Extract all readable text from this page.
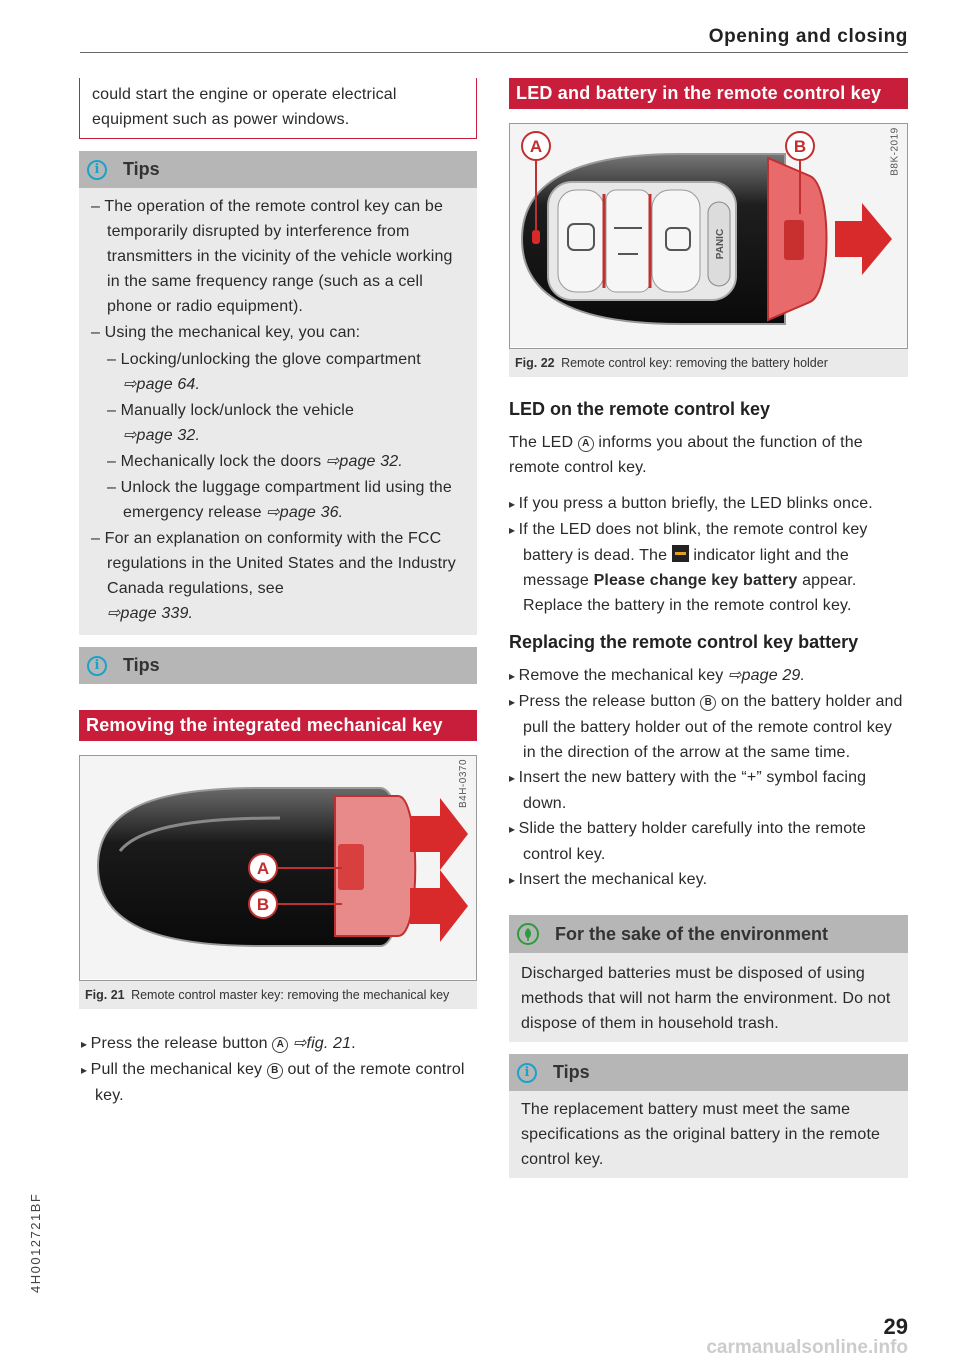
Opening and closing

could start the engine or operate electrical equipment such as power windows.

i	Tips
– The operation of the remote control key can be temporarily disrupted by interference from transmitters in the vicinity of the vehicle working in the same frequency range (such as a cell phone or radio equipment).
– Using the mechanical key, you can:
– Locking/unlocking the glove compartment
⇨page 64.
– Manually lock/unlock the vehicle
⇨page 32.
– Mechanically lock the doors ⇨page 32.
– Unlock the luggage compartment lid using the emergency release ⇨page 36.
– For an explanation on conformity with the FCC regulations in the United States and the Industry Canada regulations, see
⇨page 339.
i	Tips
Removing the integrated mechanical key
A
B
B4H-0370
Fig. 21 Remote control master key: removing the mechanical key
▸ Press the release button A ⇨fig. 21.
▸ Pull the mechanical key B out of the remote control key.
LED and battery in the remote control key
PANIC
A	B	B8K-2019
Fig. 22 Remote control key: removing the battery holder
LED on the remote control key

The LED A informs you about the function of the remote control key.

▸ If you press a button briefly, the LED blinks once.
▸ If the LED does not blink, the remote control key battery is dead. The indicator light and the message Please change key battery appear. Replace the battery in the remote control key.
Replacing the remote control key battery
▸ Remove the mechanical key ⇨page 29.
▸ Press the release button B on the battery holder and pull the battery holder out of the remote control key in the direction of the arrow at the same time.
▸ Insert the new battery with the “+” symbol facing down.
▸ Slide the battery holder carefully into the remote control key.
▸ Insert the mechanical key.
For the sake of the environment

Discharged batteries must be disposed of using methods that will not harm the environment. Do not dispose of them in household trash.

i	Tips

The replacement battery must meet the same specifications as the original battery in the remote control key.

4H0012721BF
29
carmanualsonline.info
